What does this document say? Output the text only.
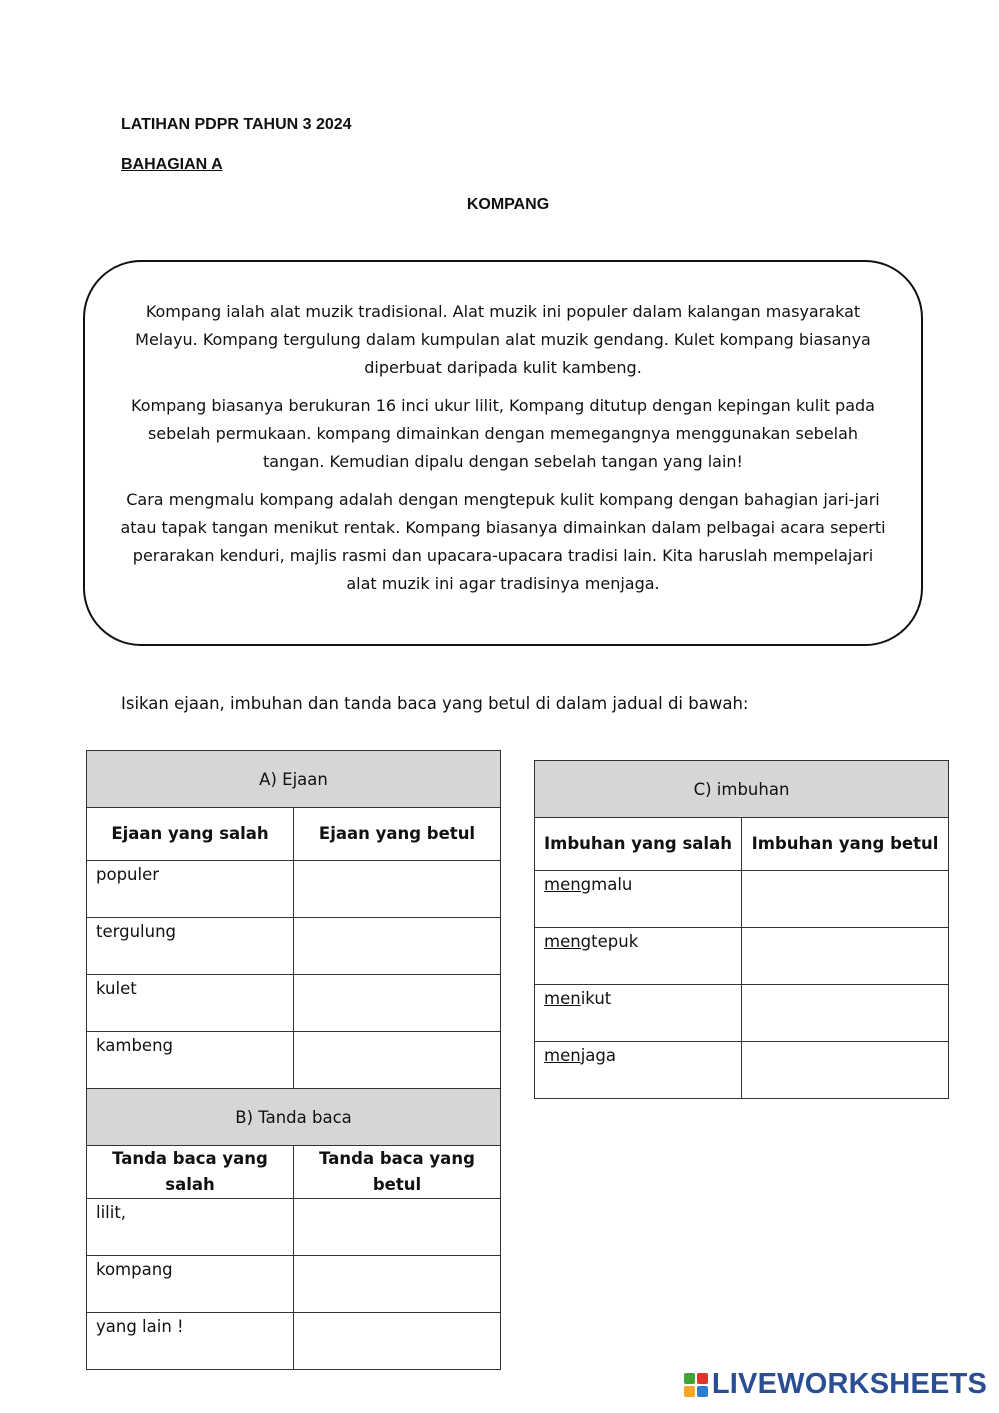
LATIHAN PDPR TAHUN 3 2024
BAHAGIAN A
KOMPANG

Kompang ialah alat muzik tradisional. Alat muzik ini populer dalam kalangan masyarakat Melayu. Kompang tergulung dalam kumpulan alat muzik gendang. Kulet kompang biasanya diperbuat daripada kulit kambeng.

Kompang biasanya berukuran 16 inci ukur lilit, Kompang ditutup dengan kepingan kulit pada sebelah permukaan. kompang dimainkan dengan memegangnya menggunakan sebelah tangan. Kemudian dipalu dengan sebelah tangan yang lain!

Cara mengmalu kompang adalah dengan mengtepuk kulit kompang dengan bahagian jari-jari atau tapak tangan menikut rentak. Kompang biasanya dimainkan dalam pelbagai acara seperti perarakan kenduri, majlis rasmi dan upacara-upacara tradisi lain. Kita haruslah mempelajari alat muzik ini agar tradisinya menjaga.

Isikan ejaan, imbuhan dan tanda baca yang betul di dalam jadual di bawah:
A) Ejaan	
Ejaan yang salah	Ejaan yang betul
populer	
tergulung	
kulet	
kambeng	
B) Tanda baca	
Tanda baca yang salah	Tanda baca yang betul
lilit,	
kompang	
yang lain !	
C) imbuhan	
Imbuhan yang salah	Imbuhan yang betul
mengmalu	
mengtepuk	
menikut	
menjaga	
LIVEWORKSHEETS
